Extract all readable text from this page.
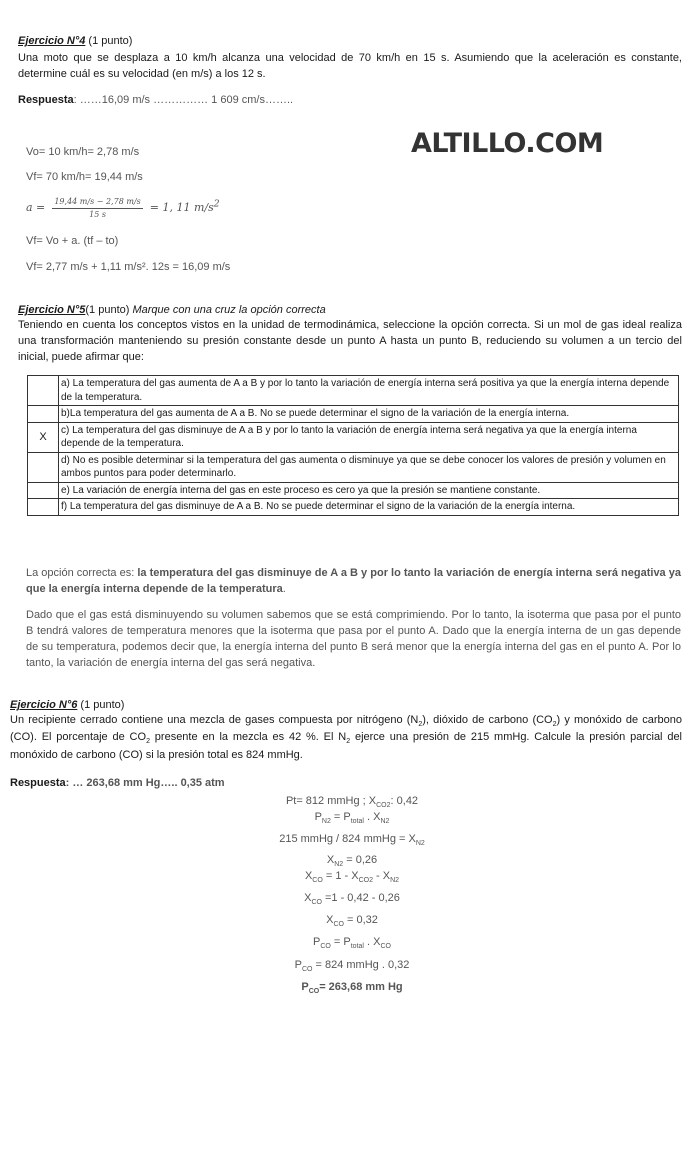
Ejercicio N°4 (1 punto)
Una moto que se desplaza a 10 km/h alcanza una velocidad de 70 km/h en 15 s. Asumiendo que la aceleración es constante, determine cuál es su velocidad (en m/s) a los 12 s.
Respuesta: ……16,09 m/s …………… 1 609 cm/s……..
ALTILLO.COM
Vo= 10 km/h= 2,78 m/s
Vf= 70 km/h= 19,44 m/s
$a = \frac{19,44 m/s - 2,78 m/s}{15 s} = 1$, 11 $m/s^2$
Vf= Vo + a. (tf – to)
Vf= 2,77 m/s + 1,11 m/s². 12s = 16,09 m/s
Ejercicio N°5(1 punto) Marque con una cruz la opción correcta
Teniendo en cuenta los conceptos vistos en la unidad de termodinámica, seleccione la opción correcta. Si un mol de gas ideal realiza una transformación manteniendo su presión constante desde un punto A hasta un punto B, reduciendo su volumen a un tercio del inicial, puede afirmar que:
	a) La temperatura del gas aumenta de A a B y por lo tanto la variación de energía interna será positiva ya que la energía interna depende de la temperatura.
	b)La temperatura del gas aumenta de A a B. No se puede determinar el signo de la variación de la energía interna.
X	c) La temperatura del gas disminuye de A a B y por lo tanto la variación de energía interna será negativa ya que la energía interna depende de la temperatura.
	d) No es posible determinar si la temperatura del gas aumenta o disminuye ya que se debe conocer los valores de presión y volumen en ambos puntos para poder determinarlo.
	e) La variación de energía interna del gas en este proceso es cero ya que la presión se mantiene constante.
	f) La temperatura del gas disminuye de A a B. No se puede determinar el signo de la variación de la energía interna.
La opción correcta es: la temperatura del gas disminuye de A a B y por lo tanto la variación de energía interna será negativa ya que la energía interna depende de la temperatura.
Dado que el gas está disminuyendo su volumen sabemos que se está comprimiendo. Por lo tanto, la isoterma que pasa por el punto B tendrá valores de temperatura menores que la isoterma que pasa por el punto A. Dado que la energía interna de un gas depende de su temperatura, podemos decir que, la energía interna del punto B será menor que la energía interna del gas en el punto A. Por lo tanto, la variación de energía interna del gas será negativa.
Ejercicio N°6 (1 punto)
Un recipiente cerrado contiene una mezcla de gases compuesta por nitrógeno $(N_2)$, dióxido de carbono $(CO_2)$ y monóxido de carbono (CO). El porcentaje de $CO_2$ presente en la mezcla es 42 %. El $N_2$ ejerce una presión de 215 mmHg. Calcule la presión parcial del monóxido de carbono (CO) si la presión total es 824 mmHg.
Respuesta: … 263,68 mm Hg….. 0,35 atm
Pt= 812 mmHg ; $X_{CO2}$: 0,42
$P_{N2} = P_{total}$ . $X_{N2}$
215 mmHg / 824 mmHg = $X_{N2}$
$X_{N2} = 0,26$
$X_{CO} = 1 - X_{CO2} - X_{N2}$
$X_{CO} =1 - 0,42 - 0,26$
$X_{CO} = 0,32$
$P_{CO} = P_{total}$ . $X_{CO}$
$P_{CO} = 824$ mmHg . 0,32
$P_{CO}= 263,68$ mm Hg
